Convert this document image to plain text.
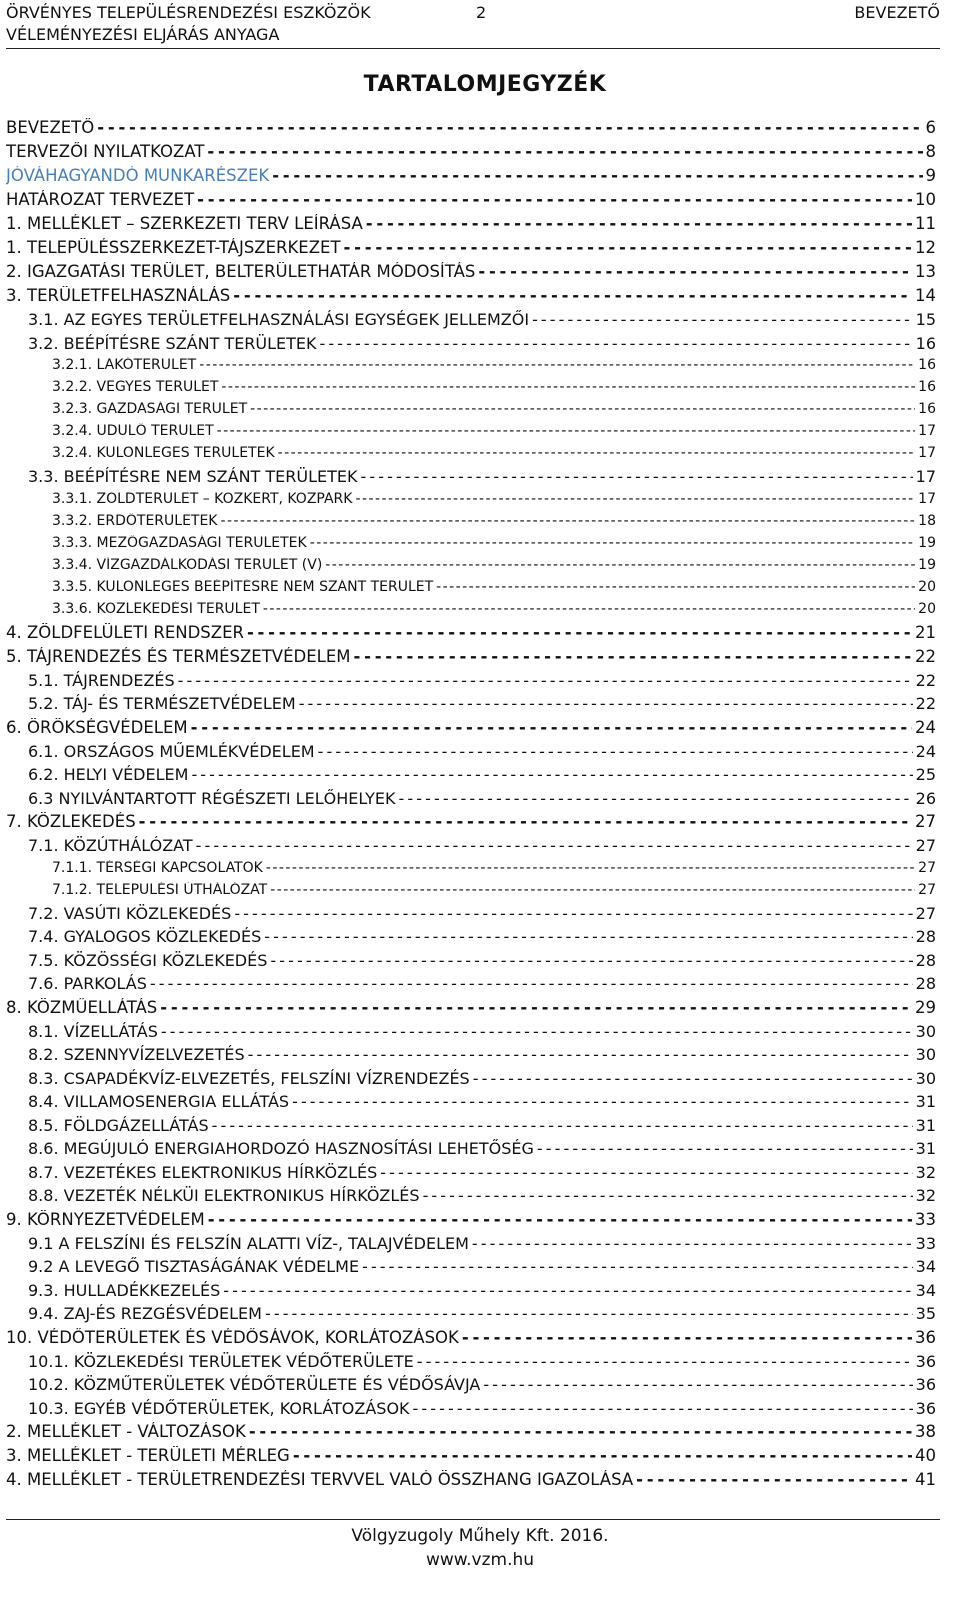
ÖRVÉNYES TELEPÜLÉSRENDEZÉSI ESZKÖZÖK	BEVEZETŐ
2
VÉLEMÉNYEZÉSI ELJÁRÁS ANYAGA
TARTALOMJEGYZÉK
BEVEZETŐ - - -	6
TERVEZŐI NYILATKOZAT - - -	8
JÓVÁHAGYANDÓ MUNKARÉSZEK - - -	9
HATÁROZAT TERVEZET - - -	10
1. MELLÉKLET – SZERKEZETI TERV LEÍRÁSA - - -	11
1. TELEPÜLÉSSZERKEZET-TÁJSZERKEZET - - -	12
2. IGAZGATÁSI TERÜLET, BELTERÜLETHATÁR MÓDOSÍTÁS - - -	13
3. TERÜLETFELHASZNÁLÁS - - -	14
3.1. AZ EGYES TERÜLETFELHASZNÁLÁSI EGYSÉGEK JELLEMZŐI - - -	15
3.2. BEÉPÍTÉSRE SZÁNT TERÜLETEK - - -	16
3.2.1. LAKÓTERÜLET - - -	16
3.2.2. VEGYES TERÜLET - - -	16
3.2.3. GAZDASÁGI TERÜLET - - -	16
3.2.4. ÜDÜLŐ TERÜLET - - -	17
3.2.4. KÜLÖNLEGES TERÜLETEK - - -	17
3.3. BEÉPÍTÉSRE NEM SZÁNT TERÜLETEK - - -	17
3.3.1. ZÖLDTERÜLET – KÖZKERT, KÖZPARK - - -	17
3.3.2. ERDŐTERÜLETEK - - -	18
3.3.3. MEZŐGAZDASÁGI TERÜLETEK - - -	19
3.3.4. VÍZGAZDÁLKODÁSI TERÜLET (V) - - -	19
3.3.5. KÜLÖNLEGES BEÉPÍTÉSRE NEM SZÁNT TERÜLET - - -	20
3.3.6. KÖZLEKEDÉSI TERÜLET - - -	20
4. ZÖLDFELÜLETI RENDSZER - - -	21
5. TÁJRENDEZÉS ÉS TERMÉSZETVÉDELEM - - -	22
5.1. TÁJRENDEZÉS - - -	22
5.2. TÁJ- ÉS TERMÉSZETVÉDELEM - - -	22
6. ÖRÖKSÉGVÉDELEM - - -	24
6.1. ORSZÁGOS MŰEMLÉKVÉDELEM - - -	24
6.2. HELYI VÉDELEM - - -	25
6.3 NYILVÁNTARTOTT RÉGÉSZETI LELŐHELYEK - - -	26
7. KÖZLEKEDÉS - - -	27
7.1. KÖZÚTHÁLÓZAT - - -	27
7.1.1. TÉRSÉGI KAPCSOLATOK - - -	27
7.1.2. TELEPÜLÉSI ÚTHÁLÓZAT - - -	27
7.2. VASÚTI KÖZLEKEDÉS - - -	27
7.4. GYALOGOS KÖZLEKEDÉS - - -	28
7.5. KÖZÖSSÉGI KÖZLEKEDÉS - - -	28
7.6. PARKOLÁS - - -	28
8. KÖZMŰELLÁTÁS - - -	29
8.1. VÍZELLÁTÁS - - -	30
8.2. SZENNYVÍZELVEZETÉS - - -	30
8.3. CSAPADÉKVÍZ-ELVEZETÉS, FELSZÍNI VÍZRENDEZÉS - - -	30
8.4. VILLAMOSENERGIA ELLÁTÁS - - -	31
8.5. FÖLDGÁZELLÁTÁS - - -	31
8.6. MEGÚJULÓ ENERGIAHORDOZÓ HASZNOSÍTÁSI LEHETŐSÉG - - -	31
8.7. VEZETÉKES ELEKTRONIKUS HÍRKÖZLÉS - - -	32
8.8. VEZETÉK NÉLKÜI ELEKTRONIKUS HÍRKÖZLÉS - - -	32
9. KÖRNYEZETVÉDELEM - - -	33
9.1 A FELSZÍNI ÉS FELSZÍN ALATTI VÍZ-, TALAJVÉDELEM - - -	33
9.2 A LEVEGŐ TISZTASÁGÁNAK VÉDELME - - -	34
9.3. HULLADÉKKEZELÉS - - -	34
9.4. ZAJ-ÉS REZGÉSVÉDELEM - - -	35
10. VÉDŐTERÜLETEK ÉS VÉDŐSÁVOK, KORLÁTOZÁSOK - - -	36
10.1. KÖZLEKEDÉSI TERÜLETEK VÉDŐTERÜLETE - - -	36
10.2. KÖZMŰTERÜLETEK VÉDŐTERÜLETE ÉS VÉDŐSÁVJA - - -	36
10.3. EGYÉB VÉDŐTERÜLETEK, KORLÁTOZÁSOK - - -	36
2. MELLÉKLET - VÁLTOZÁSOK - - -	38
3. MELLÉKLET - TERÜLETI MÉRLEG - - -	40
4. MELLÉKLET - TERÜLETRENDEZÉSI TERVVEL VALÓ ÖSSZHANG IGAZOLÁSA - - -	41
Völgyzugoly Műhely Kft. 2016.
www.vzm.hu
